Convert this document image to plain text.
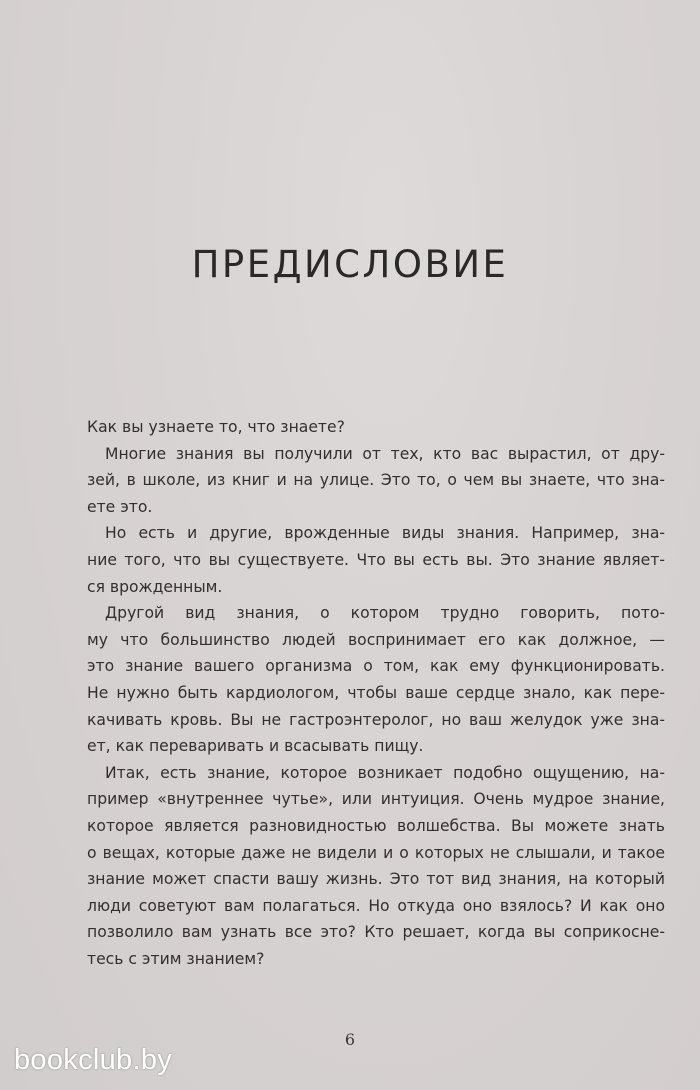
ПРЕДИСЛОВИЕ
Как вы узнаете то, что знаете?
Многие знания вы получили от тех, кто вас вырастил, от дру-
зей, в школе, из книг и на улице. Это то, о чем вы знаете, что зна-
ете это.
Но есть и другие, врожденные виды знания. Например, зна-
ние того, что вы существуете. Что вы есть вы. Это знание являет-
ся врожденным.
Другой вид знания, о котором трудно говорить, пото-
му что большинство людей воспринимает его как должное, —
это знание вашего организма о том, как ему функционировать.
Не нужно быть кардиологом, чтобы ваше сердце знало, как пере-
качивать кровь. Вы не гастроэнтеролог, но ваш желудок уже зна-
ет, как переваривать и всасывать пищу.
Итак, есть знание, которое возникает подобно ощущению, на-
пример «внутреннее чутье», или интуиция. Очень мудрое знание,
которое является разновидностью волшебства. Вы можете знать
о вещах, которые даже не видели и о которых не слышали, и такое
знание может спасти вашу жизнь. Это тот вид знания, на который
люди советуют вам полагаться. Но откуда оно взялось? И как оно
позволило вам узнать все это? Кто решает, когда вы соприкосне-
тесь с этим знанием?
6
bookclub.by
